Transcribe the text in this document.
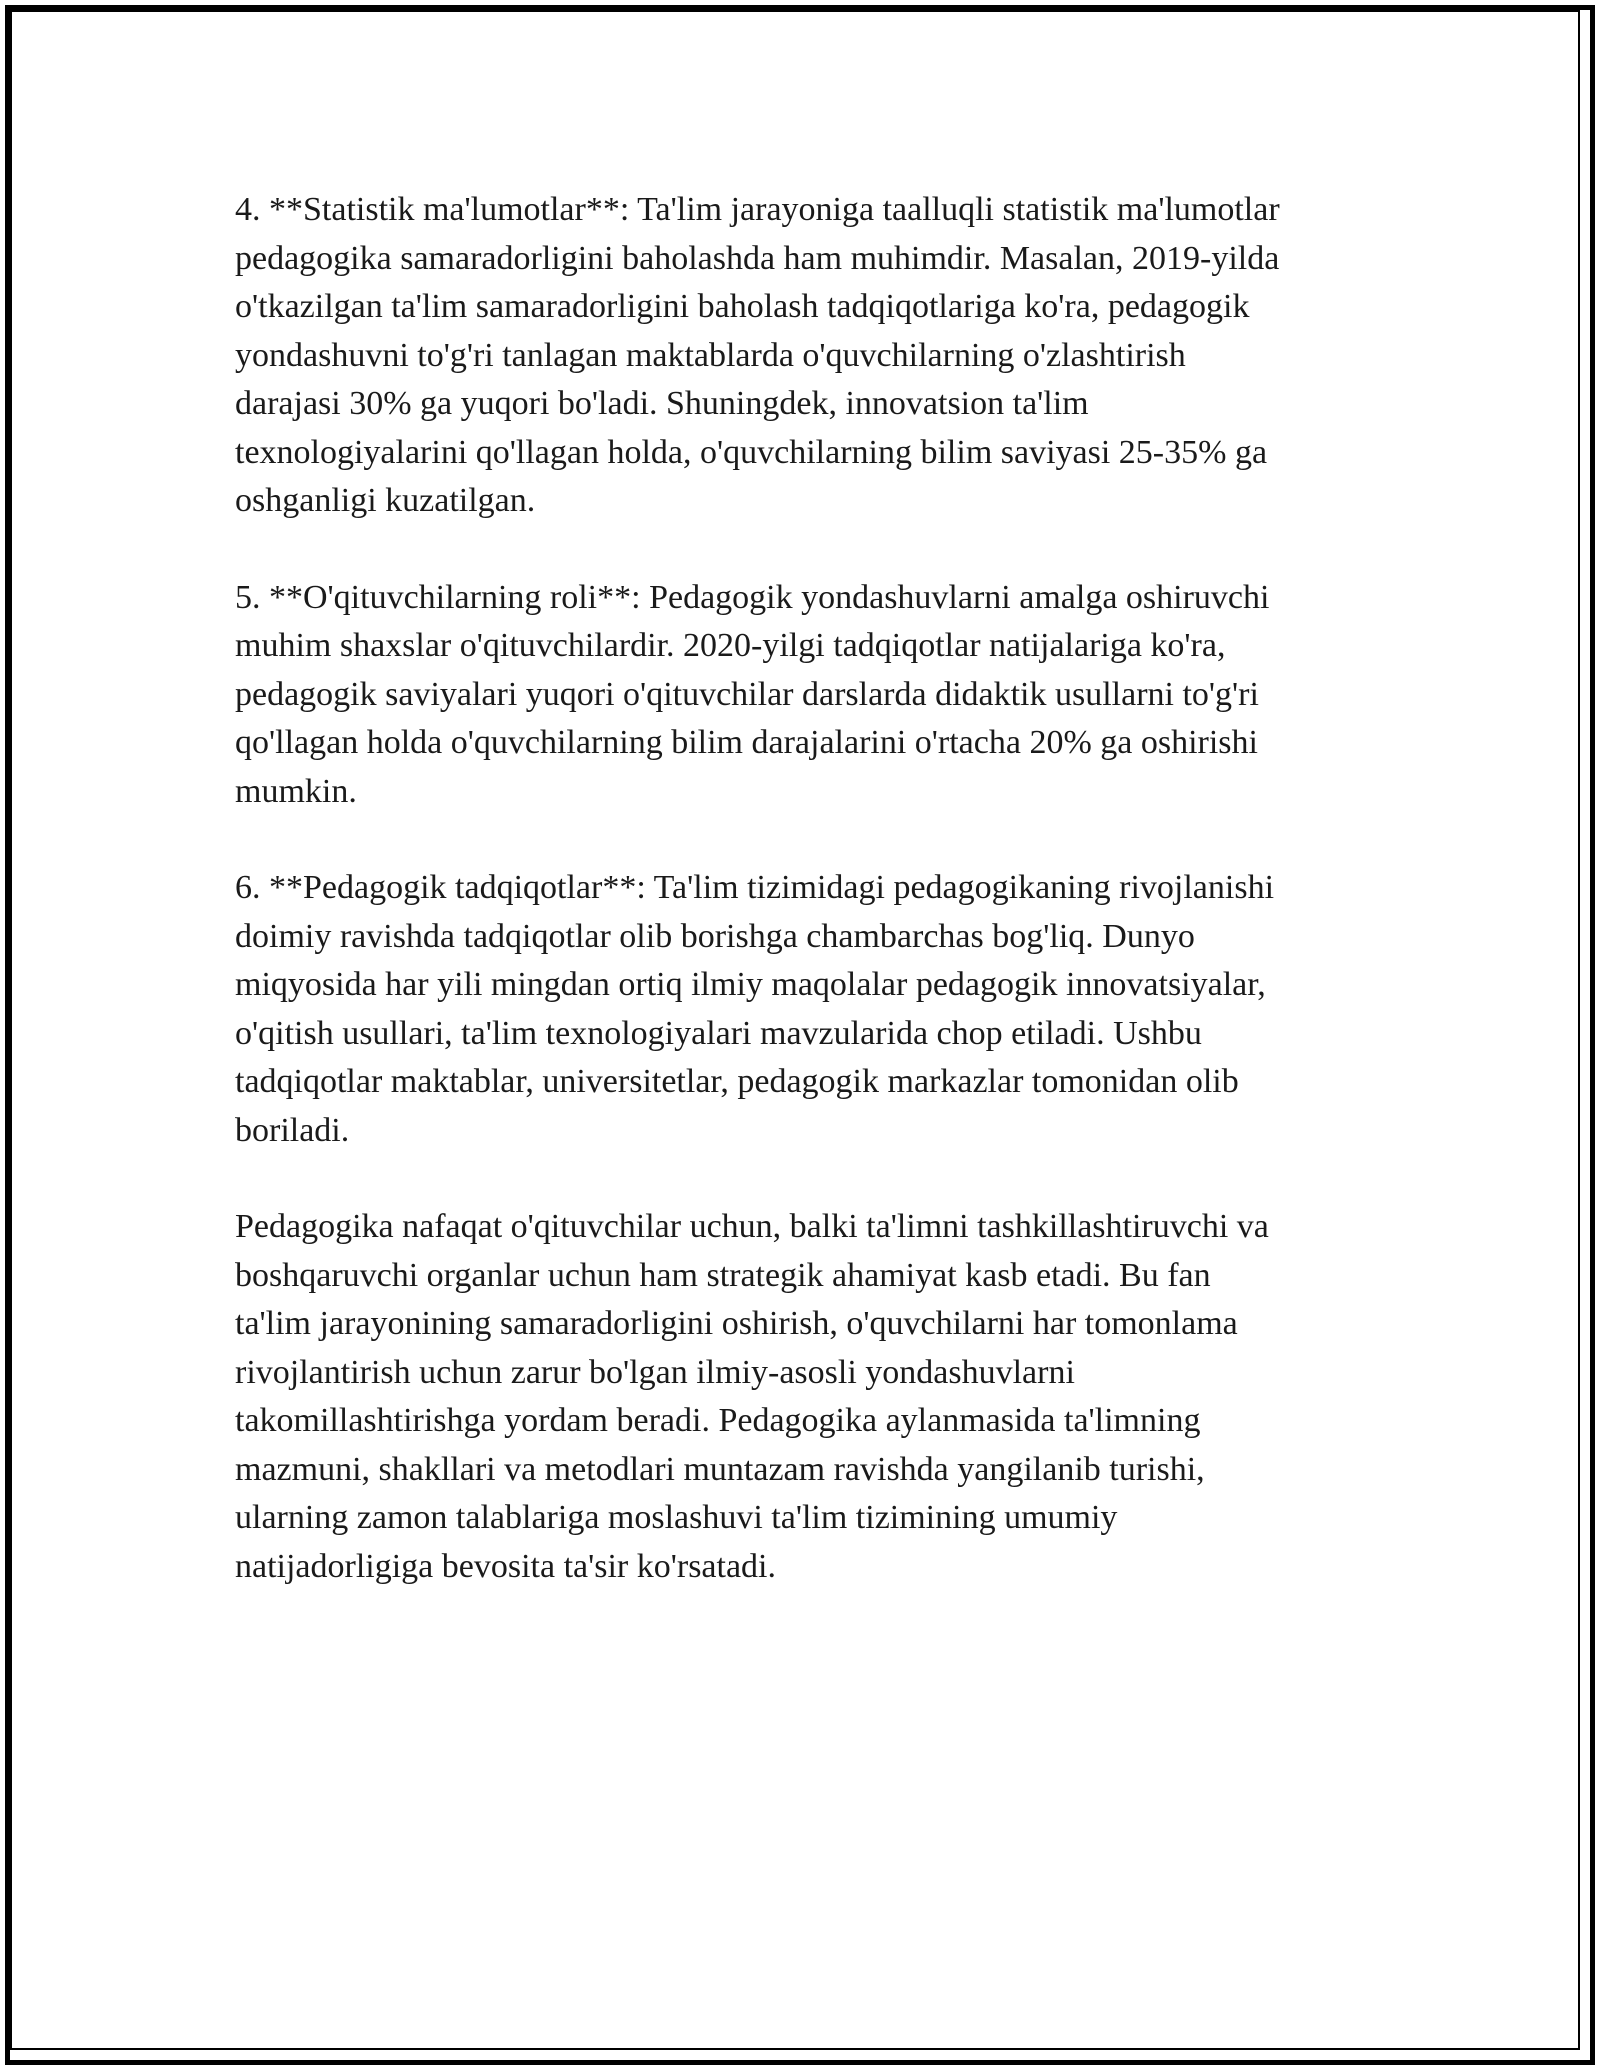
4. **Statistik ma'lumotlar**: Ta'lim jarayoniga taalluqli statistik ma'lumotlar
pedagogika samaradorligini baholashda ham muhimdir. Masalan, 2019-yilda
o'tkazilgan ta'lim samaradorligini baholash tadqiqotlariga ko'ra, pedagogik
yondashuvni to'g'ri tanlagan maktablarda o'quvchilarning o'zlashtirish
darajasi 30% ga yuqori bo'ladi. Shuningdek, innovatsion ta'lim
texnologiyalarini qo'llagan holda, o'quvchilarning bilim saviyasi 25-35% ga
oshganligi kuzatilgan.

5. **O'qituvchilarning roli**: Pedagogik yondashuvlarni amalga oshiruvchi
muhim shaxslar o'qituvchilardir. 2020-yilgi tadqiqotlar natijalariga ko'ra,
pedagogik saviyalari yuqori o'qituvchilar darslarda didaktik usullarni to'g'ri
qo'llagan holda o'quvchilarning bilim darajalarini o'rtacha 20% ga oshirishi
mumkin.

6. **Pedagogik tadqiqotlar**: Ta'lim tizimidagi pedagogikaning rivojlanishi
doimiy ravishda tadqiqotlar olib borishga chambarchas bog'liq. Dunyo
miqyosida har yili mingdan ortiq ilmiy maqolalar pedagogik innovatsiyalar,
o'qitish usullari, ta'lim texnologiyalari mavzularida chop etiladi. Ushbu
tadqiqotlar maktablar, universitetlar, pedagogik markazlar tomonidan olib
boriladi.

Pedagogika nafaqat o'qituvchilar uchun, balki ta'limni tashkillashtiruvchi va
boshqaruvchi organlar uchun ham strategik ahamiyat kasb etadi. Bu fan
ta'lim jarayonining samaradorligini oshirish, o'quvchilarni har tomonlama
rivojlantirish uchun zarur bo'lgan ilmiy-asosli yondashuvlarni
takomillashtirishga yordam beradi. Pedagogika aylanmasida ta'limning
mazmuni, shakllari va metodlari muntazam ravishda yangilanib turishi,
ularning zamon talablariga moslashuvi ta'lim tizimining umumiy
natijadorligiga bevosita ta'sir ko'rsatadi.
